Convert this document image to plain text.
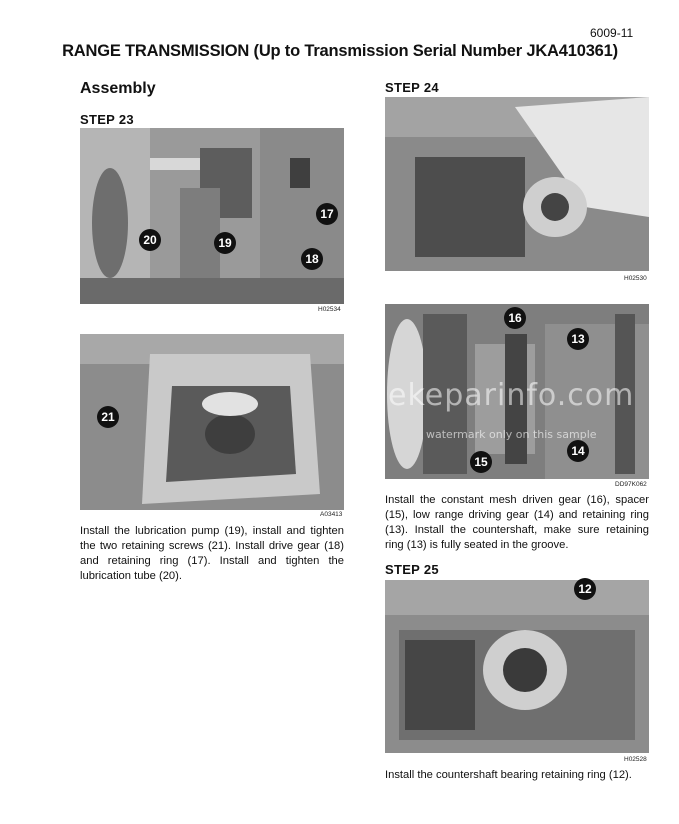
6009-11
RANGE TRANSMISSION (Up to Transmission Serial Number JKA410361)
Assembly
STEP 23
20	19
17
18
H02534
21
A03413
Install the lubrication pump (19), install and tighten the two retaining screws (21). Install drive gear (18) and retaining ring (17). Install and tighten the lubrication tube (20).
STEP 24
H02530
16
13
15
14
DD97K062
Install the constant mesh driven gear (16), spacer (15), low range driving gear (14) and retaining ring (13). Install the countershaft, make sure retaining ring (13) is fully seated in the groove.
STEP 25
12
H02528
Install the countershaft bearing retaining ring (12).
ekeparinfo.com
watermark only on this sample
